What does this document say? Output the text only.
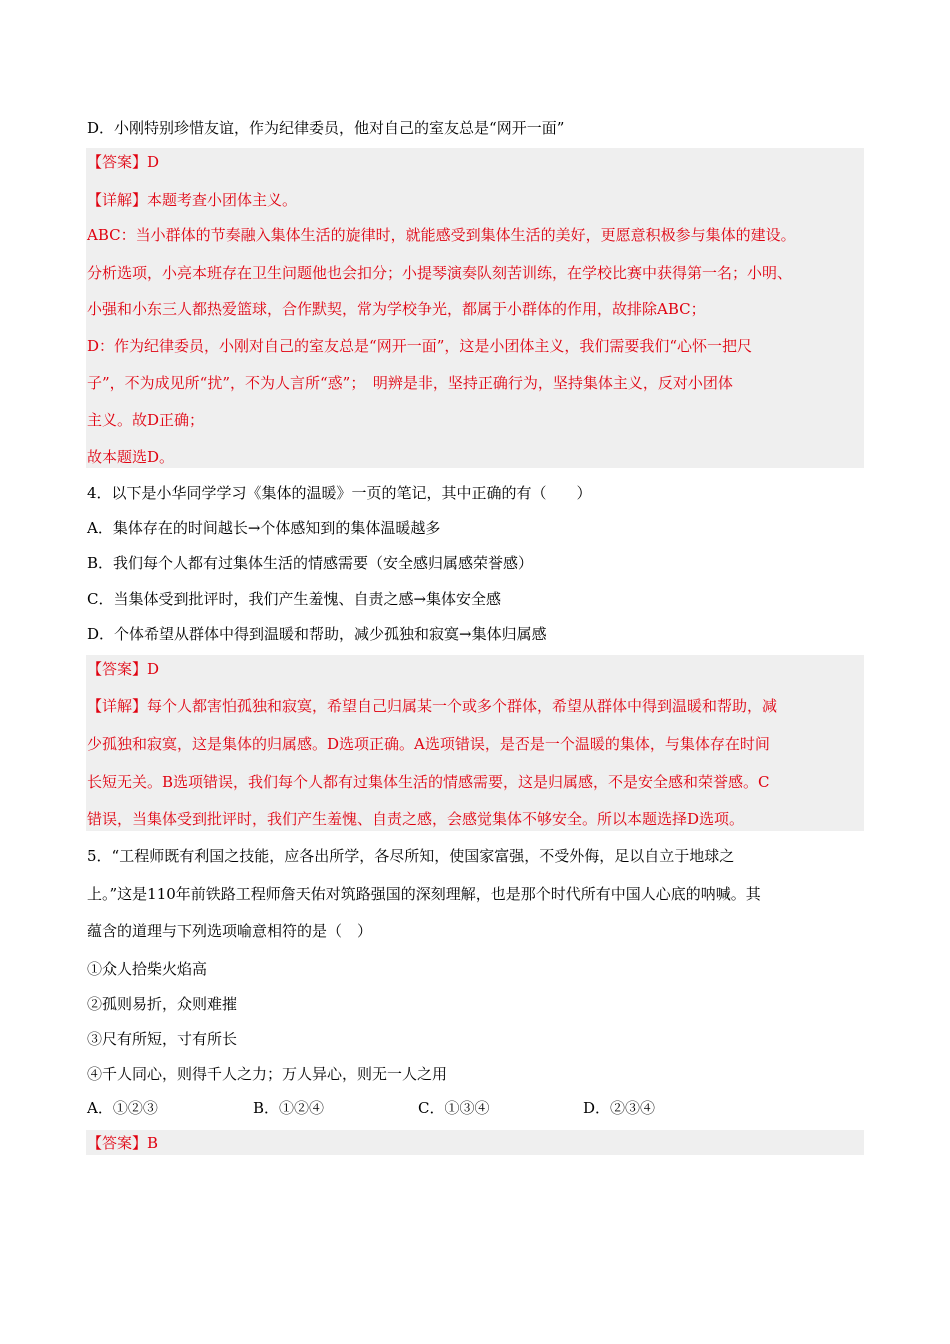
D．小刚特别珍惜友谊，作为纪律委员，他对自己的室友总是“网开一面”
【答案】D
【详解】本题考查小团体主义。
ABC：当小群体的节奏融入集体生活的旋律时，就能感受到集体生活的美好，更愿意积极参与集体的建设。
分析选项，小亮本班存在卫生问题他也会扣分；小提琴演奏队刻苦训练，在学校比赛中获得第一名；小明、
小强和小东三人都热爱篮球，合作默契，常为学校争光，都属于小群体的作用，故排除ABC；
D：作为纪律委员，小刚对自己的室友总是“网开一面”，这是小团体主义，我们需要我们“心怀一把尺
子”，不为成见所“扰”，不为人言所“惑”；　明辨是非，坚持正确行为，坚持集体主义，反对小团体
主义。故D正确；
故本题选D。
4．以下是小华同学学习《集体的温暖》一页的笔记，其中正确的有（　　）
A．集体存在的时间越长→个体感知到的集体温暖越多
B．我们每个人都有过集体生活的情感需要（安全感归属感荣誉感）
C．当集体受到批评时，我们产生羞愧、自责之感→集体安全感
D．个体希望从群体中得到温暖和帮助，减少孤独和寂寞→集体归属感
【答案】D
【详解】每个人都害怕孤独和寂寞，希望自己归属某一个或多个群体，希望从群体中得到温暖和帮助，减
少孤独和寂寞，这是集体的归属感。D选项正确。A选项错误，是否是一个温暖的集体，与集体存在时间
长短无关。B选项错误，我们每个人都有过集体生活的情感需要，这是归属感，不是安全感和荣誉感。C
错误，当集体受到批评时，我们产生羞愧、自责之感，会感觉集体不够安全。所以本题选择D选项。
5．“工程师既有利国之技能，应各出所学，各尽所知，使国家富强，不受外侮，足以自立于地球之
上。”这是110年前铁路工程师詹天佑对筑路强国的深刻理解，也是那个时代所有中国人心底的呐喊。其
蕴含的道理与下列选项喻意相符的是（　）
①众人拾柴火焰高
②孤则易折，众则难摧
③尺有所短，寸有所长
④千人同心，则得千人之力；万人异心，则无一人之用
A．①②③	B．①②④	C．①③④	D．②③④
【答案】B
